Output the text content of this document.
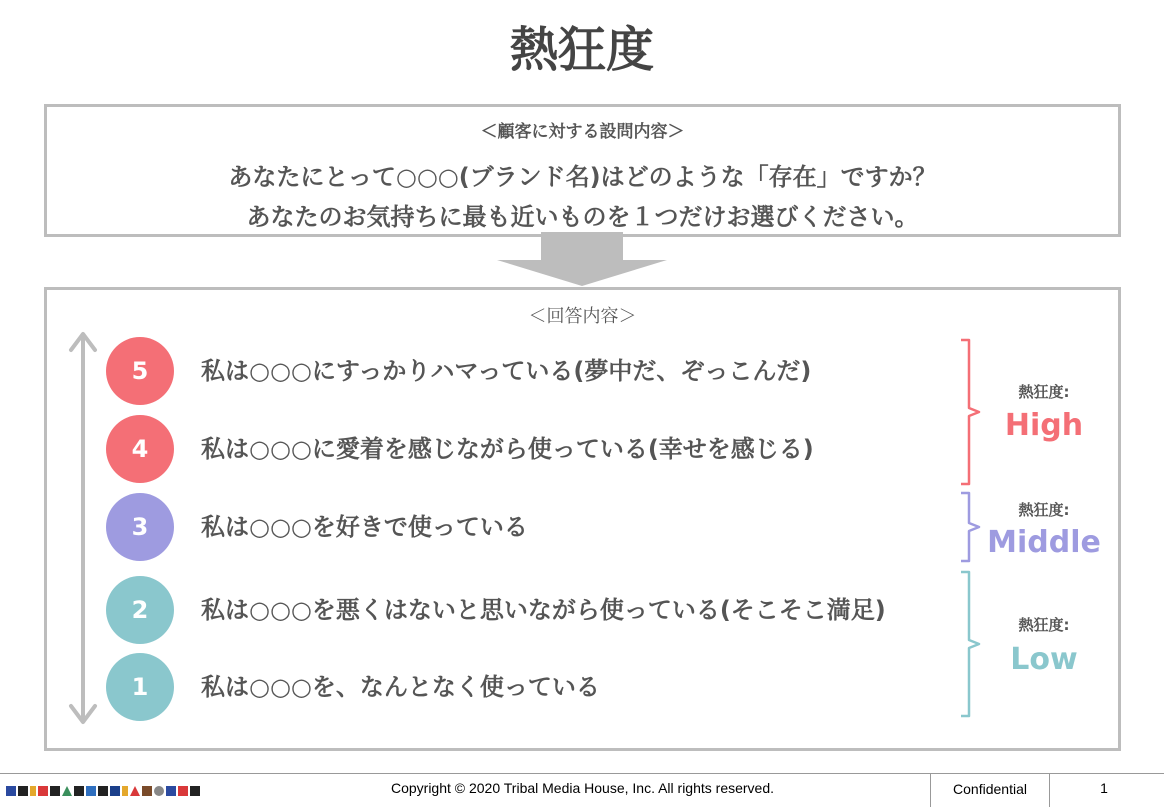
熱狂度
＜顧客に対する設問内容＞
あなたにとって○○○(ブランド名)はどのような「存在」ですか？
あなたのお気持ちに最も近いものを１つだけお選びください。
＜回答内容＞
5	私は○○○にすっかりハマっている(夢中だ、ぞっこんだ)
4	私は○○○に愛着を感じながら使っている(幸せを感じる)
3	私は○○○を好きで使っている
2	私は○○○を悪くはないと思いながら使っている(そこそこ満足)
1	私は○○○を、なんとなく使っている
熱狂度:
High
熱狂度:
Middle
熱狂度:
Low
Copyright © 2020 Tribal Media House, Inc. All rights reserved.	Confidential	1
